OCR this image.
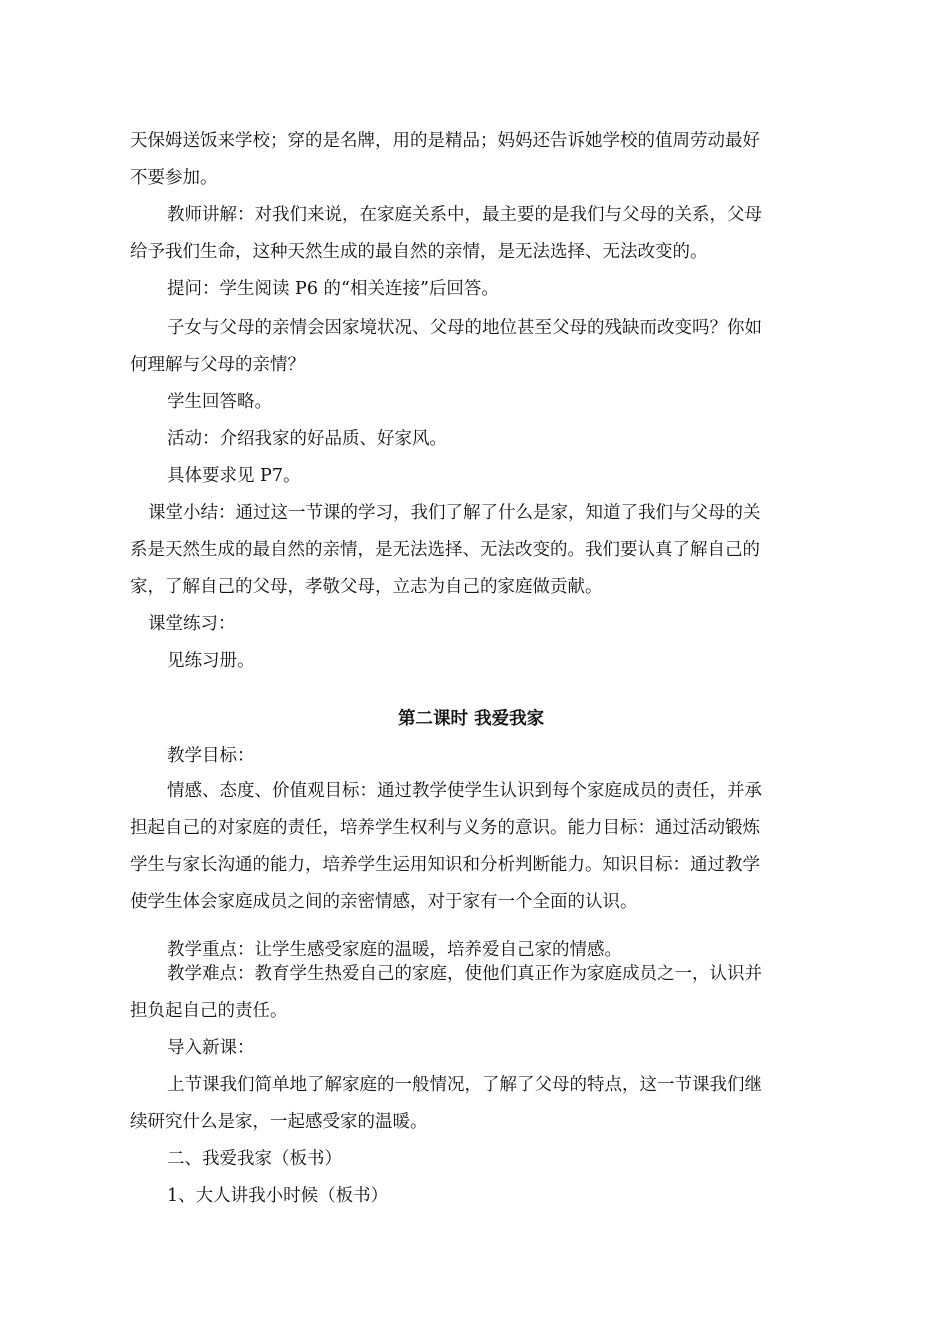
天保姆送饭来学校；穿的是名牌，用的是精品；妈妈还告诉她学校的值周劳动最好
不要参加。
教师讲解：对我们来说，在家庭关系中，最主要的是我们与父母的关系，父母
给予我们生命，这种天然生成的最自然的亲情，是无法选择、无法改变的。
提问：学生阅读 P6 的“相关连接”后回答。
子女与父母的亲情会因家境状况、父母的地位甚至父母的残缺而改变吗？你如
何理解与父母的亲情？
学生回答略。
活动：介绍我家的好品质、好家风。
具体要求见 P7。
课堂小结：通过这一节课的学习，我们了解了什么是家，知道了我们与父母的关
系是天然生成的最自然的亲情，是无法选择、无法改变的。我们要认真了解自己的
家，了解自己的父母，孝敬父母，立志为自己的家庭做贡献。
课堂练习：
见练习册。
第二课时 我爱我家
教学目标：
情感、态度、价值观目标：通过教学使学生认识到每个家庭成员的责任，并承
担起自己的对家庭的责任，培养学生权利与义务的意识。能力目标：通过活动锻炼
学生与家长沟通的能力，培养学生运用知识和分析判断能力。知识目标：通过教学
使学生体会家庭成员之间的亲密情感，对于家有一个全面的认识。
教学重点：让学生感受家庭的温暖，培养爱自己家的情感。
教学难点：教育学生热爱自己的家庭，使他们真正作为家庭成员之一，认识并
担负起自己的责任。
导入新课：
上节课我们简单地了解家庭的一般情况，了解了父母的特点，这一节课我们继
续研究什么是家，一起感受家的温暖。
二、我爱我家（板书）
1、大人讲我小时候（板书）
